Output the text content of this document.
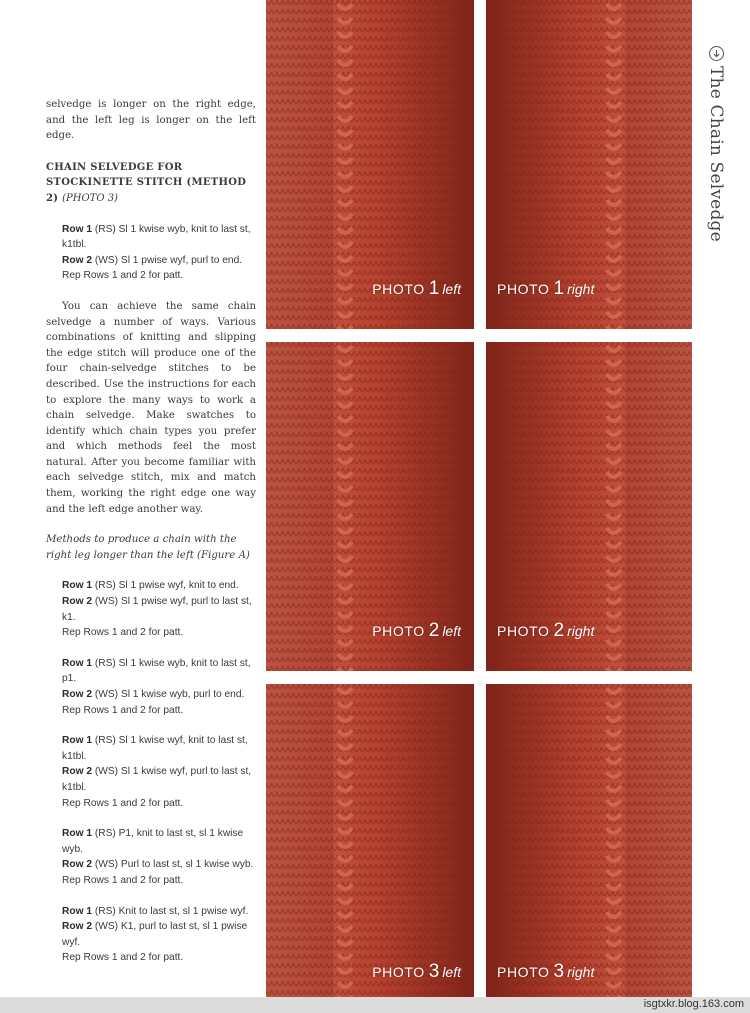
selvedge is longer on the right edge, and the left leg is longer on the left edge.

CHAIN SELVEDGE FOR STOCKINETTE STITCH (METHOD 2) (PHOTO 3)

Row 1 (RS) Sl 1 kwise wyb, knit to last st, k1tbl.
Row 2 (WS) Sl 1 pwise wyf, purl to end.
Rep Rows 1 and 2 for patt.

You can achieve the same chain selvedge a number of ways. Various combinations of knitting and slipping the edge stitch will produce one of the four chain-selvedge stitches to be described. Use the instructions for each to explore the many ways to work a chain selvedge. Make swatches to identify which chain types you prefer and which methods feel the most natural. After you become familiar with each selvedge stitch, mix and match them, working the right edge one way and the left edge another way.

Methods to produce a chain with the right leg longer than the left (Figure A)

Row 1 (RS) Sl 1 pwise wyf, knit to end.
Row 2 (WS) Sl 1 pwise wyf, purl to last st, k1.
Rep Rows 1 and 2 for patt.
Row 1 (RS) Sl 1 kwise wyb, knit to last st, p1.
Row 2 (WS) Sl 1 kwise wyb, purl to end.
Rep Rows 1 and 2 for patt.
Row 1 (RS) Sl 1 kwise wyf, knit to last st, k1tbl.
Row 2 (WS) Sl 1 kwise wyf, purl to last st, k1tbl.
Rep Rows 1 and 2 for patt.
Row 1 (RS) P1, knit to last st, sl 1 kwise wyb.
Row 2 (WS) Purl to last st, sl 1 kwise wyb.
Rep Rows 1 and 2 for patt.
Row 1 (RS) Knit to last st, sl 1 pwise wyf.
Row 2 (WS) K1, purl to last st, sl 1 pwise wyf.
Rep Rows 1 and 2 for patt.
PHOTO 1 left	PHOTO 1 right
PHOTO 2 left	PHOTO 2 right
PHOTO 3 left	PHOTO 3 right
The Chain Selvedge
isgtxkr.blog.163.com
